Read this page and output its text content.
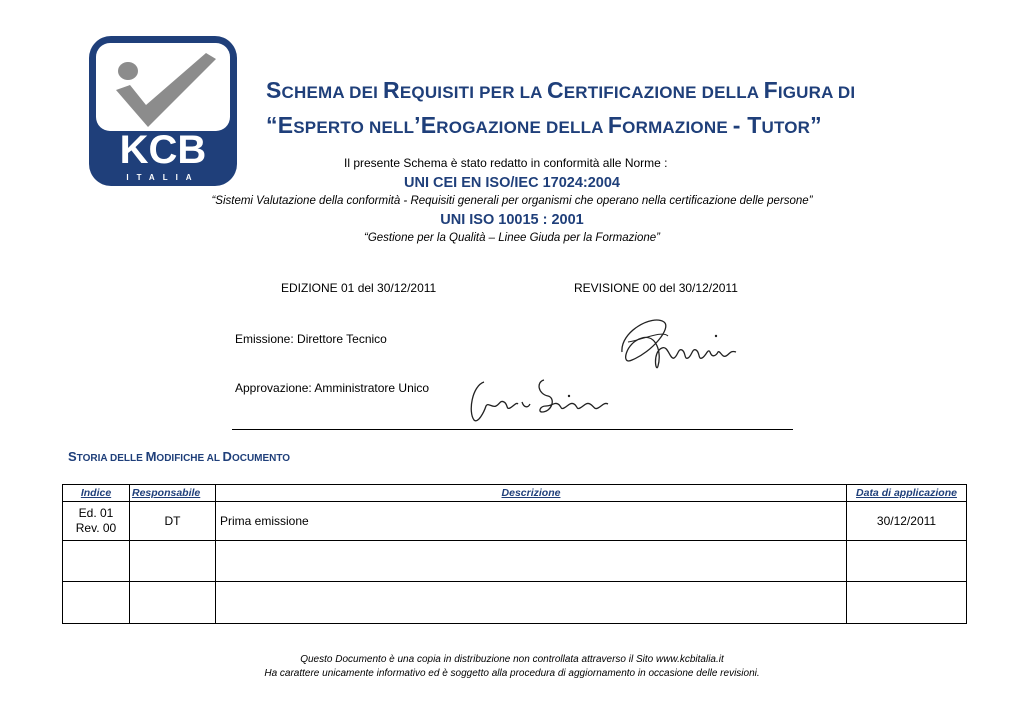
KCB
ITALIA
SCHEMA DEI REQUISITI PER LA CERTIFICAZIONE DELLA FIGURA DI
“ESPERTO NELL’EROGAZIONE DELLA FORMAZIONE - TUTOR”
Il presente Schema è stato redatto in conformità alle Norme :
UNI CEI EN ISO/IEC 17024:2004
“Sistemi Valutazione della conformità - Requisiti generali per organismi che operano nella certificazione delle persone”
UNI ISO 10015 : 2001
“Gestione per la Qualità – Linee Giuda per la Formazione”
EDIZIONE 01 del 30/12/2011	REVISIONE 00 del 30/12/2011
Emissione: Direttore Tecnico
Approvazione: Amministratore Unico
STORIA DELLE MODIFICHE AL DOCUMENTO
Indice	Responsabile	Descrizione	Data di applicazione
Ed. 01
Rev. 00	DT	Prima emissione	30/12/2011

Questo Documento è una copia in distribuzione non controllata attraverso il Sito www.kcbitalia.it
Ha carattere unicamente informativo ed è soggetto alla procedura di aggiornamento in occasione delle revisioni.
